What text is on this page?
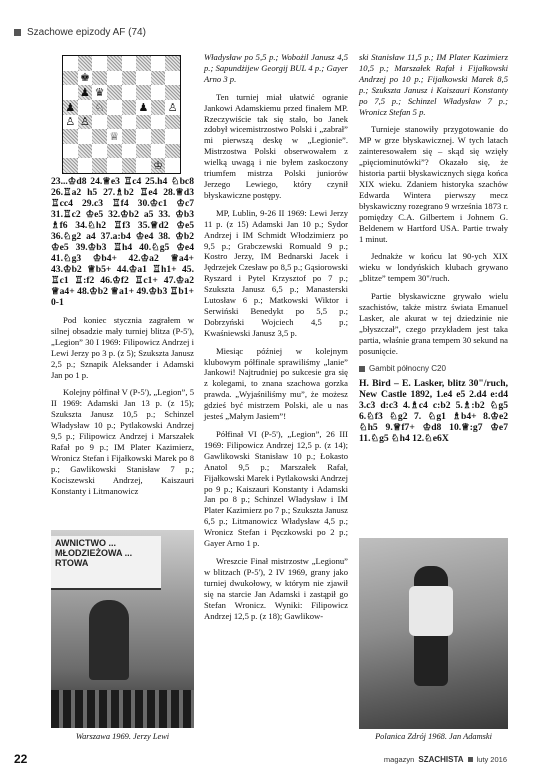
Szachowe epizody AF (74)
♚
♟ ♛
♟ ♘	♟ ♙
♙ ♙
♕
♔
23...♔d8 24.♕e3 ♖c4 25.h4 ♘bc8 26.♖a2 h5 27.♗b2 ♖e4 28.♕d3 ♖cc4 29.c3 ♖f4 30.♔c1 ♔c7 31.♖c2 ♔e5 32.♔b2 a5 33. ♔b3 ♗f6 34.♘h2 ♖f3 35.♕d2 ♔e5 36.♘g2 a4 37.a:b4 ♔e4 38. ♔b2 ♔e5 39.♔b3 ♖h4 40.♘g5 ♔e4 41.♘g3 ♔b4+ 42.♔a2 ♕a4+ 43.♔b2 ♕b5+ 44.♔a1 ♖h1+ 45. ♖c1 ♖:f2 46.♔f2 ♖c1+ 47.♔a2 ♕a4+ 48.♔b2 ♕a1+ 49.♔b3 ♖b1+ 0-1

Pod koniec stycznia zagrałem w silnej obsadzie mały turniej blitza (P-5'), „Legion” 30 I 1969: Filipowicz Andrzej i Lewi Jerzy po 3 p. (z 5); Szukszta Janusz 2,5 p.; Sznapik Aleksander i Adamski Jan po 1 p.

Kolejny półfinał V (P-5'), „Legion”, 5 II 1969: Adamski Jan 13 p. (z 15); Szukszta Janusz 10,5 p.; Schinzel Władysław 10 p.; Pytlakowski Andrzej 9,5 p.; Filipowicz Andrzej i Marszałek Rafał po 9 p.; IM Plater Kazimierz, Wronicz Stefan i Fijałkowski Marek po 8 p.; Gawlikowski Stanisław 7 p.; Kociszewski Andrzej, Kaiszauri Konstanty i Litmanowicz

AWNICTWO ... MŁODZIEŻOWA ... RTOWA
Warszawa 1969. Jerzy Lewi

Władysław po 5,5 p.; Wobożil Janusz 4,5 p.; Sapundżijew Georgij BUL 4 p.; Gayer Arno 3 p.

Ten turniej miał ułatwić ogranie Jankowi Adamskiemu przed finałem MP. Rzeczywiście tak się stało, bo Janek zdobył wicemistrzostwo Polski i „zabrał” mi pierwszą deskę w „Legionie”. Mistrzostwa Polski obserwowałem z wielką uwagą i nie byłem zaskoczony triumfem mistrza Polski juniorów Jerzego Lewiego, który czynił błyskawiczne postępy.

MP, Lublin, 9-26 II 1969: Lewi Jerzy 11 p. (z 15) Adamski Jan 10 p.; Sydor Andrzej i IM Schmidt Włodzimierz po 9,5 p.; Grabczewski Romuald 9 p.; Kostro Jerzy, IM Bednarski Jacek i Jędrzejek Czesław po 8,5 p.; Gąsiorowski Ryszard i Pytel Krzysztof po 7 p.; Szukszta Janusz 6,5 p.; Manasterski Lutosław 6 p.; Matkowski Wiktor i Serwiński Benedykt po 5,5 p.; Dobrzyński Wojciech 4,5 p.; Kwaśniewski Janusz 3,5 p.

Miesiąc później w kolejnym klubowym półfinale sprawiliśmy „lanie” Jankowi! Najtrudniej po sukcesie gra się z kolegami, to znana szachowa gorzka prawda. „Wyjaśniliśmy mu”, że możesz gdzieś być mistrzem Polski, ale u nas jesteś „Małym Jasiem”!

Półfinał VI (P-5'), „Legion”, 26 III 1969: Filipowicz Andrzej 12,5 p. (z 14); Gawlikowski Stanisław 10 p.; Łokasto Anatol 9,5 p.; Marszałek Rafał, Fijałkowski Marek i Pytlakowski Andrzej po 9 p.; Kaiszauri Konstanty i Adamski Jan po 8 p.; Schinzel Władysław i IM Plater Kazimierz po 7 p.; Szukszta Janusz 6,5 p.; Litmanowicz Władysław 4,5 p.; Wronicz Stefan i Pęczkowski po 2 p.; Gayer Arno 1 p.

Wreszcie Finał mistrzostw „Legionu” w blitzach (P-5'), 2 IV 1969, grany jako turniej dwukołowy, w którym nie zjawił się na starcie Jan Adamski i zastąpił go Stefan Wronicz. Wyniki: Filipowicz Andrzej 12,5 p. (z 18); Gawlikow-

ski Stanisław 11,5 p.; IM Plater Kazimierz 10,5 p.; Marszałek Rafał i Fijałkowski Andrzej po 10 p.; Fijałkowski Marek 8,5 p.; Szukszta Janusz i Kaiszauri Konstanty po 7,5 p.; Schinzel Władysław 7 p.; Wronicz Stefan 5 p.

Turnieje stanowiły przygotowanie do MP w grze błyskawicznej. W tych latach zainteresowałem się – skąd się wzięły „pięciominutówki”? Okazało się, że historia partii błyskawicznych sięga końca XIX wieku. Zdaniem historyka szachów Edwarda Wintera pierwszy mecz błyskawiczny rozegrano 9 września 1873 r. pomiędzy C.A. Gilbertem i Johnem G. Beldenem w Hartford USA. Partie trwały 1 minut.

Jednakże w końcu lat 90-ych XIX wieku w londyńskich klubach grywano „blitze” tempem 30"/ruch.

Partie błyskawiczne grywało wielu szachistów, także mistrz świata Emanuel Lasker, ale akurat w tej dziedzinie nie „błyszczał”, czego przykładem jest taka partia, właśnie grana tempem 30 sekund na posunięcie.

Gambit północny C20
H. Bird – E. Lasker, blitz 30"/ruch, New Castle 1892, 1.e4 e5 2.d4 e:d4 3.c3 d:c3 4.♗c4 c:b2 5.♗:b2 ♘g5 6.♘f3 ♘g2 7. ♘g1 ♗b4+ 8.♔e2 ♘h5 9.♕f7+ ♔d8 10.♕:g7 ♔e7 11.♘g5 ♘h4 12.♘e6X
Polanica Zdrój 1968. Jan Adamski
22	magazyn SZACHISTA luty 2016
